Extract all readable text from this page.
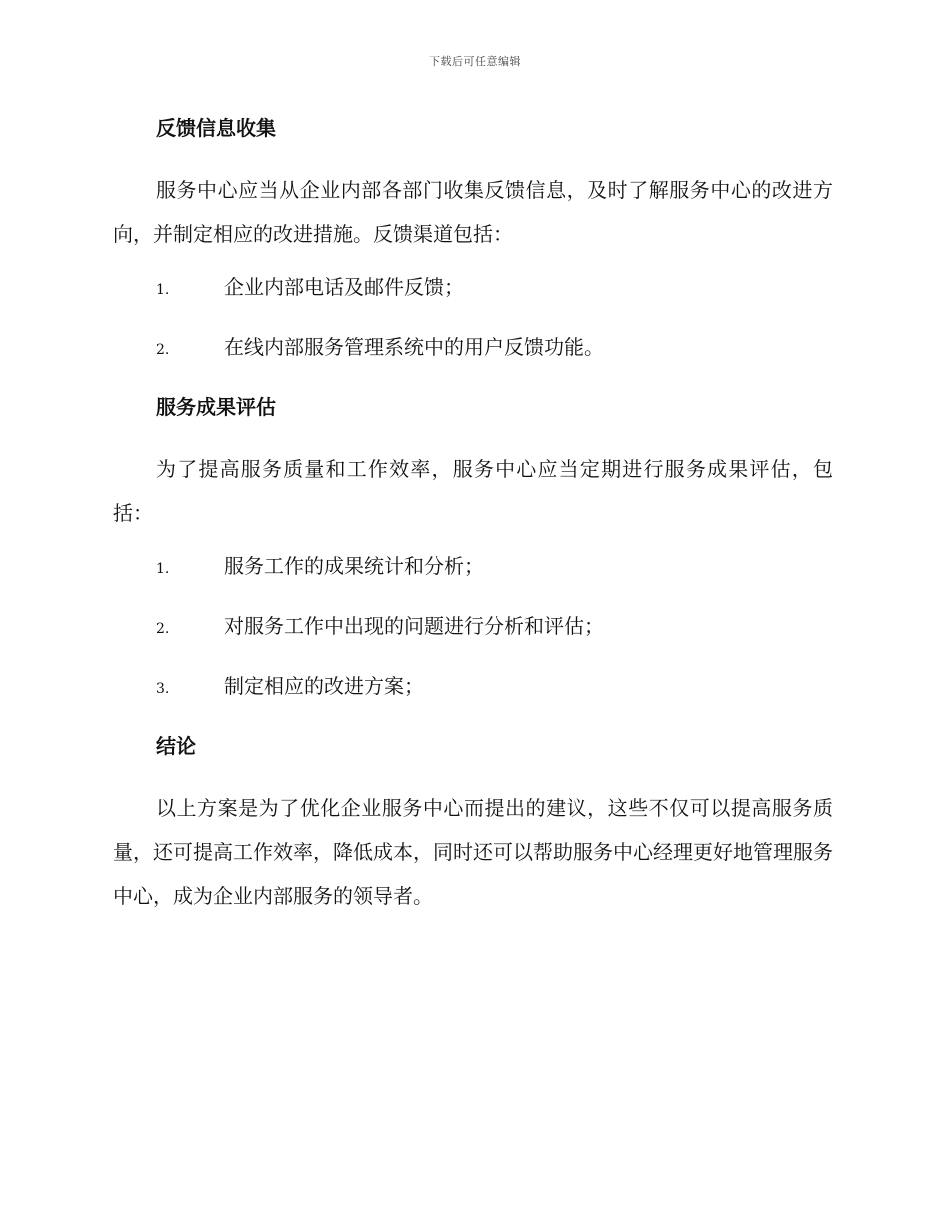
下载后可任意编辑
反馈信息收集

服务中心应当从企业内部各部门收集反馈信息，及时了解服务中心的改进方向，并制定相应的改进措施。反馈渠道包括：

1.	企业内部电话及邮件反馈；
2.	在线内部服务管理系统中的用户反馈功能。
服务成果评估

为了提高服务质量和工作效率，服务中心应当定期进行服务成果评估，包括：

1.	服务工作的成果统计和分析；
2.	对服务工作中出现的问题进行分析和评估；
3.	制定相应的改进方案；
结论

以上方案是为了优化企业服务中心而提出的建议，这些不仅可以提高服务质量，还可提高工作效率，降低成本，同时还可以帮助服务中心经理更好地管理服务中心，成为企业内部服务的领导者。
